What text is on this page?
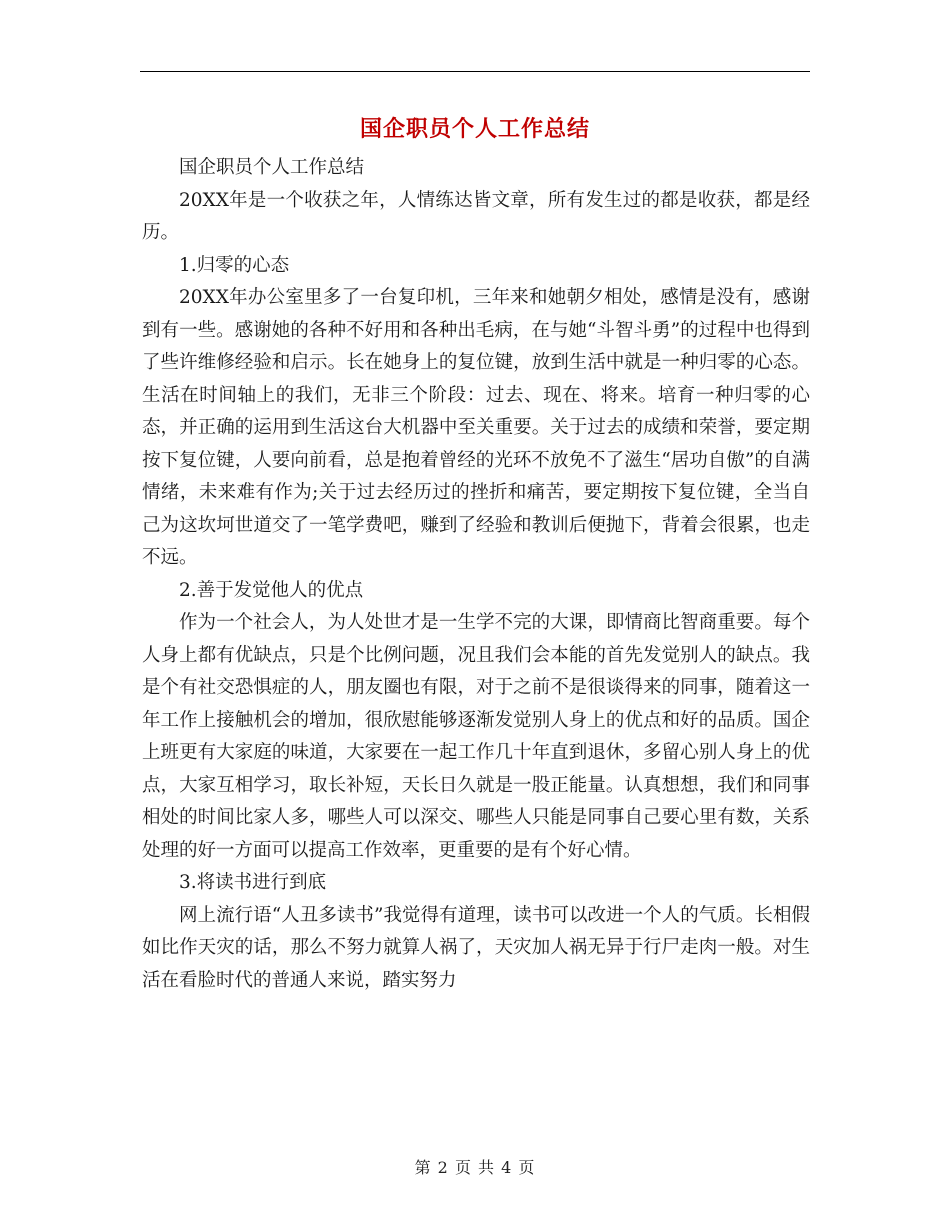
国企职员个人工作总结

国企职员个人工作总结

20XX年是一个收获之年，人情练达皆文章，所有发生过的都是收获，都是经历。

1.归零的心态

20XX年办公室里多了一台复印机，三年来和她朝夕相处，感情是没有，感谢到有一些。感谢她的各种不好用和各种出毛病，在与她“斗智斗勇”的过程中也得到了些许维修经验和启示。长在她身上的复位键，放到生活中就是一种归零的心态。生活在时间轴上的我们，无非三个阶段：过去、现在、将来。培育一种归零的心态，并正确的运用到生活这台大机器中至关重要。关于过去的成绩和荣誉，要定期按下复位键，人要向前看，总是抱着曾经的光环不放免不了滋生“居功自傲”的自满情绪，未来难有作为;关于过去经历过的挫折和痛苦，要定期按下复位键，全当自己为这坎坷世道交了一笔学费吧，赚到了经验和教训后便抛下，背着会很累，也走不远。

2.善于发觉他人的优点

作为一个社会人，为人处世才是一生学不完的大课，即情商比智商重要。每个人身上都有优缺点，只是个比例问题，况且我们会本能的首先发觉别人的缺点。我是个有社交恐惧症的人，朋友圈也有限，对于之前不是很谈得来的同事，随着这一年工作上接触机会的增加，很欣慰能够逐渐发觉别人身上的优点和好的品质。国企上班更有大家庭的味道，大家要在一起工作几十年直到退休，多留心别人身上的优点，大家互相学习，取长补短，天长日久就是一股正能量。认真想想，我们和同事相处的时间比家人多，哪些人可以深交、哪些人只能是同事自己要心里有数，关系处理的好一方面可以提高工作效率，更重要的是有个好心情。

3.将读书进行到底

网上流行语“人丑多读书”我觉得有道理，读书可以改进一个人的气质。长相假如比作天灾的话，那么不努力就算人祸了，天灾加人祸无异于行尸走肉一般。对生活在看脸时代的普通人来说，踏实努力

第 2 页 共 4 页
